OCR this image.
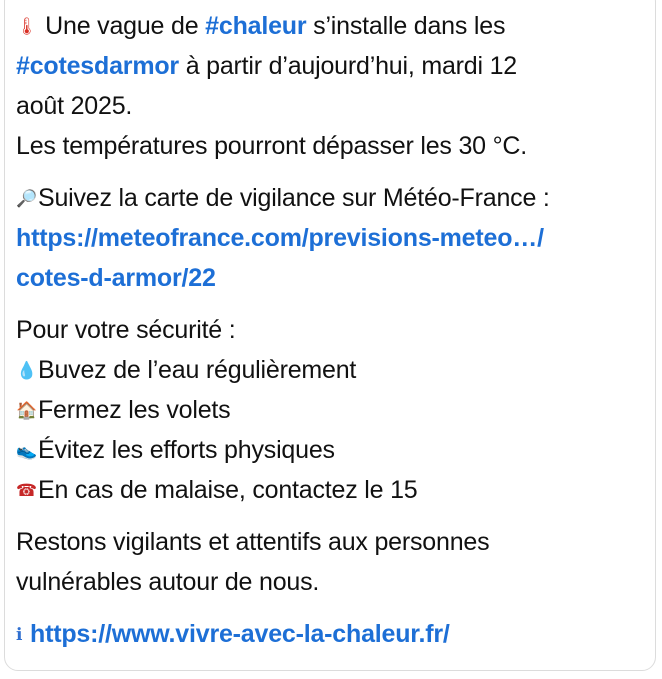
🌡 Une vague de #chaleur s’installe dans les
#cotesdarmor à partir d’aujourd’hui, mardi 12
août 2025.
Les températures pourront dépasser les 30 °C.

🔎Suivez la carte de vigilance sur Météo-France :
https://meteofrance.com/previsions-meteo…/
cotes-d-armor/22

Pour votre sécurité :
💧Buvez de l’eau régulièrement
🏠Fermez les volets
👟Évitez les efforts physiques
☎En cas de malaise, contactez le 15

Restons vigilants et attentifs aux personnes
vulnérables autour de nous.

ℹ https://www.vivre-avec-la-chaleur.fr/
